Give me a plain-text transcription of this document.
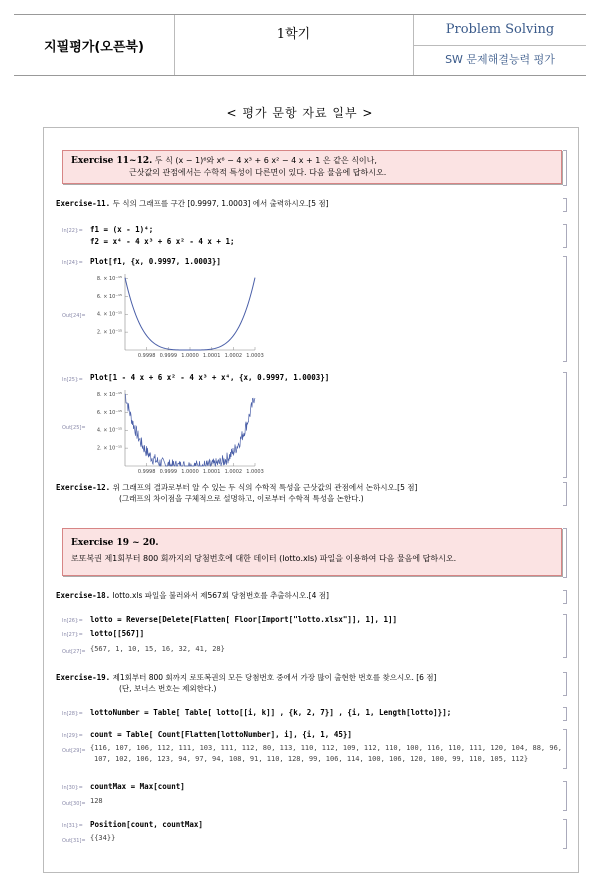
지필평가(오픈북)
1학기	Problem Solving
SW 문제해결능력 평가
< 평가 문항 자료 일부 >
Exercise 11~12. 두 식 (x − 1)⁶와 x⁶ − 4 x³ + 6 x² − 4 x + 1 은 같은 식이나,
근삿값의 관점에서는 수학적 특성이 다른면이 있다. 다음 물음에 답하시오.
Exercise-11. 두 식의 그래프를 구간 [0.9997, 1.0003] 에서 출력하시오.[5 점]
In[22]:= f1 = (x - 1)⁴;
f2 = x⁴ - 4 x³ + 6 x² - 4 x + 1;
In[24]:= Plot[f1, {x, 0.9997, 1.0003}]
Out[24]=
8. × 10⁻¹⁵
6. × 10⁻¹⁵
4. × 10⁻¹⁵
2. × 10⁻¹⁵
0.9998 0.9999 1.0000 1.0001 1.0002 1.0003
In[25]:= Plot[1 - 4 x + 6 x² - 4 x³ + x⁴, {x, 0.9997, 1.0003}]
Out[25]=
8. × 10⁻¹⁵
6. × 10⁻¹⁵
4. × 10⁻¹⁵
2. × 10⁻¹⁵
0.9998 0.9999 1.0000 1.0001 1.0002 1.0003
Exercise-12. 위 그래프의 결과로부터 알 수 있는 두 식의 수학적 특성을 근삿값의 관점에서 논하시오.[5 점]
(그래프의 차이점을 구체적으로 설명하고, 이로부터 수학적 특성을 논한다.)
Exercise 19 ~ 20.
로또복권 제1회부터 800 회까지의 당첨번호에 대한 데이터 (lotto.xls) 파일을 이용하여 다음 물음에 답하시오.
Exercise-18. lotto.xls 파일을 불러와서 제567회 당첨번호를 추출하시오.[4 점]
In[26]:= lotto = Reverse[Delete[Flatten[ Floor[Import["lotto.xlsx"]], 1], 1]]
In[27]:= lotto[[567]]
Out[27]= {567, 1, 10, 15, 16, 32, 41, 28}
Exercise-19. 제1회부터 800 회까지 로또복권의 모든 당첨번호 중에서 가장 많이 출현한 번호를 찾으시오. [6 점]
(단, 보너스 번호는 제외한다.)
In[28]:= lottoNumber = Table[ Table[ lotto[[i, k]] , {k, 2, 7}] , {i, 1, Length[lotto]}];
In[29]:= count = Table[ Count[Flatten[lottoNumber], i], {i, 1, 45}]
Out[29]= {116, 107, 106, 112, 111, 103, 111, 112, 80, 113, 110, 112, 109, 112, 110, 100, 116, 110, 111, 120, 104, 88, 96,
107, 102, 106, 123, 94, 97, 94, 108, 91, 110, 128, 99, 106, 114, 100, 106, 120, 100, 99, 110, 105, 112}
In[30]:= countMax = Max[count]
Out[30]= 128
In[31]:= Position[count, countMax]
Out[31]= {{34}}
